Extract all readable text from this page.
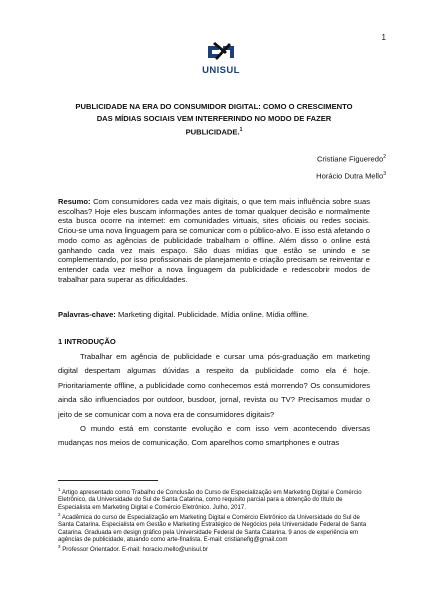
1
UNISUL
PUBLICIDADE NA ERA DO CONSUMIDOR DIGITAL: COMO O CRESCIMENTO
DAS MÍDIAS SOCIAIS VEM INTERFERINDO NO MODO DE FAZER
PUBLICIDADE.$^1$
Cristiane Figueredo$^2$
Horácio Dutra Mello$^3$
Resumo: Com consumidores cada vez mais digitais, o que tem mais influência sobre suas escolhas? Hoje eles buscam informações antes de tomar qualquer decisão e normalmente esta busca ocorre na internet: em comunidades virtuais, sites oficiais ou redes sociais. Criou-se uma nova linguagem para se comunicar com o público-alvo. E isso está afetando o modo como as agências de publicidade trabalham o offline. Além disso o online está ganhando cada vez mais espaço. São duas mídias que estão se unindo e se complementando, por isso profissionais de planejamento e criação precisam se reinventar e entender cada vez melhor a nova linguagem da publicidade e redescobrir modos de trabalhar para superar as dificuldades.
Palavras-chave: Marketing digital. Publicidade. Mídia online. Mídia offline.
1 INTRODUÇÃO

Trabalhar em agência de publicidade e cursar uma pós-graduação em marketing digital despertam algumas dúvidas a respeito da publicidade como ela é hoje. Prioritariamente offline, a publicidade como conhecemos está morrendo? Os consumidores ainda são influenciados por outdoor, busdoor, jornal, revista ou TV? Precisamos mudar o jeito de se comunicar com a nova era de consumidores digitais?

O mundo está em constante evolução e com isso vem acontecendo diversas mudanças nos meios de comunicação. Com aparelhos como smartphones e outras

$^1$ Artigo apresentado como Trabalho de Conclusão do Curso de Especialização em Marketing Digital e Comércio Eletrônico, da Universidade do Sul de Santa Catarina, como requisito parcial para a obtenção do título de Especialista em Marketing Digital e Comércio Eletrônico. Julho, 2017.
$^2$ Acadêmica do curso de Especialização em Marketing Digital e Comércio Eletrônico da Universidade do Sul de Santa Catarina. Especialista em Gestão e Marketing Estratégico de Negócios pela Universidade Federal de Santa Catarina. Graduada em design gráfico pela Universidade Federal de Santa Catarina. 9 anos de experiência em agências de publicidade, atuando como arte-finalista. E-mail: cristianefig@gmail.com
$^3$ Professor Orientador. E-mail: horacio.mello@unisul.br
